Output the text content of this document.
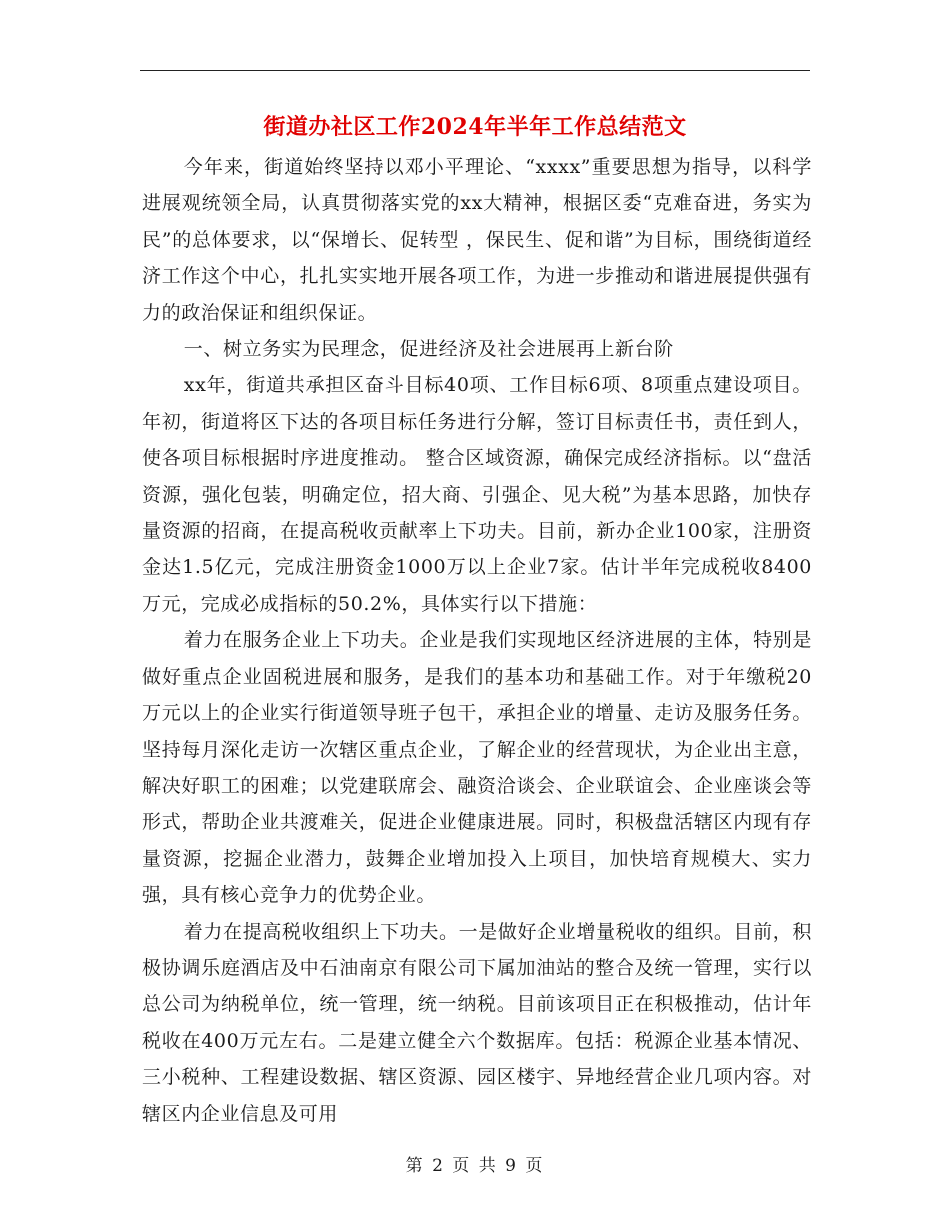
街道办社区工作2024年半年工作总结范文

今年来，街道始终坚持以邓小平理论、“xxxx”重要思想为指导，以科学进展观统领全局，认真贯彻落实党的xx大精神，根据区委“克难奋进，务实为民”的总体要求，以“保增长、促转型 ，保民生、促和谐”为目标，围绕街道经济工作这个中心，扎扎实实地开展各项工作，为进一步推动和谐进展提供强有力的政治保证和组织保证。

一、树立务实为民理念，促进经济及社会进展再上新台阶

xx年，街道共承担区奋斗目标40项、工作目标6项、8项重点建设项目。年初，街道将区下达的各项目标任务进行分解，签订目标责任书，责任到人，使各项目标根据时序进度推动。 整合区域资源，确保完成经济指标。以“盘活资源，强化包装，明确定位，招大商、引强企、见大税”为基本思路，加快存量资源的招商，在提高税收贡献率上下功夫。目前，新办企业100家，注册资金达1.5亿元，完成注册资金1000万以上企业7家。估计半年完成税收8400万元，完成必成指标的50.2%，具体实行以下措施：

着力在服务企业上下功夫。企业是我们实现地区经济进展的主体，特别是做好重点企业固税进展和服务，是我们的基本功和基础工作。对于年缴税20万元以上的企业实行街道领导班子包干，承担企业的增量、走访及服务任务。坚持每月深化走访一次辖区重点企业，了解企业的经营现状，为企业出主意，解决好职工的困难；以党建联席会、融资洽谈会、企业联谊会、企业座谈会等形式，帮助企业共渡难关，促进企业健康进展。同时，积极盘活辖区内现有存量资源，挖掘企业潜力，鼓舞企业增加投入上项目，加快培育规模大、实力强，具有核心竞争力的优势企业。

着力在提高税收组织上下功夫。一是做好企业增量税收的组织。目前，积极协调乐庭酒店及中石油南京有限公司下属加油站的整合及统一管理，实行以总公司为纳税单位，统一管理，统一纳税。目前该项目正在积极推动，估计年税收在400万元左右。二是建立健全六个数据库。包括：税源企业基本情况、三小税种、工程建设数据、辖区资源、园区楼宇、异地经营企业几项内容。对辖区内企业信息及可用

第 2 页 共 9 页
